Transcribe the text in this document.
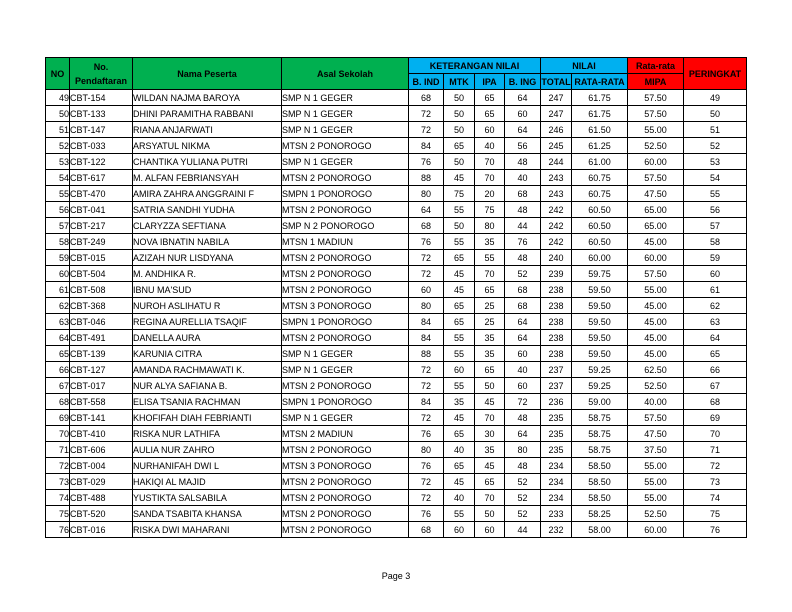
NO	No. Pendaftaran	Nama Peserta	Asal Sekolah	KETERANGAN NILAI				NILAI		Rata-rata	PERINGKAT
				B. IND	MTK	IPA	B. ING	TOTAL	RATA-RATA	MIPA	
49	CBT-154	WILDAN NAJMA BAROYA	SMP N 1 GEGER	68	50	65	64	247	61.75	57.50	49
50	CBT-133	DHINI PARAMITHA RABBANI	SMP N 1 GEGER	72	50	65	60	247	61.75	57.50	50
51	CBT-147	RIANA ANJARWATI	SMP N 1 GEGER	72	50	60	64	246	61.50	55.00	51
52	CBT-033	ARSYATUL NIKMA	MTSN 2 PONOROGO	84	65	40	56	245	61.25	52.50	52
53	CBT-122	CHANTIKA YULIANA PUTRI	SMP N 1 GEGER	76	50	70	48	244	61.00	60.00	53
54	CBT-617	M. ALFAN FEBRIANSYAH	MTSN 2 PONOROGO	88	45	70	40	243	60.75	57.50	54
55	CBT-470	AMIRA ZAHRA ANGGRAINI F	SMPN 1 PONOROGO	80	75	20	68	243	60.75	47.50	55
56	CBT-041	SATRIA SANDHI YUDHA	MTSN 2 PONOROGO	64	55	75	48	242	60.50	65.00	56
57	CBT-217	CLARYZZA SEFTIANA	SMP N 2 PONOROGO	68	50	80	44	242	60.50	65.00	57
58	CBT-249	NOVA IBNATIN NABILA	MTSN 1 MADIUN	76	55	35	76	242	60.50	45.00	58
59	CBT-015	AZIZAH NUR LISDYANA	MTSN 2 PONOROGO	72	65	55	48	240	60.00	60.00	59
60	CBT-504	M. ANDHIKA R.	MTSN 2 PONOROGO	72	45	70	52	239	59.75	57.50	60
61	CBT-508	IBNU MA'SUD	MTSN 2 PONOROGO	60	45	65	68	238	59.50	55.00	61
62	CBT-368	NUROH ASLIHATU R	MTSN 3 PONOROGO	80	65	25	68	238	59.50	45.00	62
63	CBT-046	REGINA AURELLIA TSAQIF	SMPN 1 PONOROGO	84	65	25	64	238	59.50	45.00	63
64	CBT-491	DANELLA AURA	MTSN 2 PONOROGO	84	55	35	64	238	59.50	45.00	64
65	CBT-139	KARUNIA CITRA	SMP N 1 GEGER	88	55	35	60	238	59.50	45.00	65
66	CBT-127	AMANDA RACHMAWATI K.	SMP N 1 GEGER	72	60	65	40	237	59.25	62.50	66
67	CBT-017	NUR ALYA SAFIANA B.	MTSN 2 PONOROGO	72	55	50	60	237	59.25	52.50	67
68	CBT-558	ELISA TSANIA RACHMAN	SMPN 1 PONOROGO	84	35	45	72	236	59.00	40.00	68
69	CBT-141	KHOFIFAH DIAH FEBRIANTI	SMP N 1 GEGER	72	45	70	48	235	58.75	57.50	69
70	CBT-410	RISKA NUR LATHIFA	MTSN 2 MADIUN	76	65	30	64	235	58.75	47.50	70
71	CBT-606	AULIA NUR ZAHRO	MTSN 2 PONOROGO	80	40	35	80	235	58.75	37.50	71
72	CBT-004	NURHANIFAH DWI L	MTSN 3 PONOROGO	76	65	45	48	234	58.50	55.00	72
73	CBT-029	HAKIQI AL MAJID	MTSN 2 PONOROGO	72	45	65	52	234	58.50	55.00	73
74	CBT-488	YUSTIKTA SALSABILA	MTSN 2 PONOROGO	72	40	70	52	234	58.50	55.00	74
75	CBT-520	SANDA TSABITA KHANSA	MTSN 2 PONOROGO	76	55	50	52	233	58.25	52.50	75
76	CBT-016	RISKA DWI MAHARANI	MTSN 2 PONOROGO	68	60	60	44	232	58.00	60.00	76
Page 3
